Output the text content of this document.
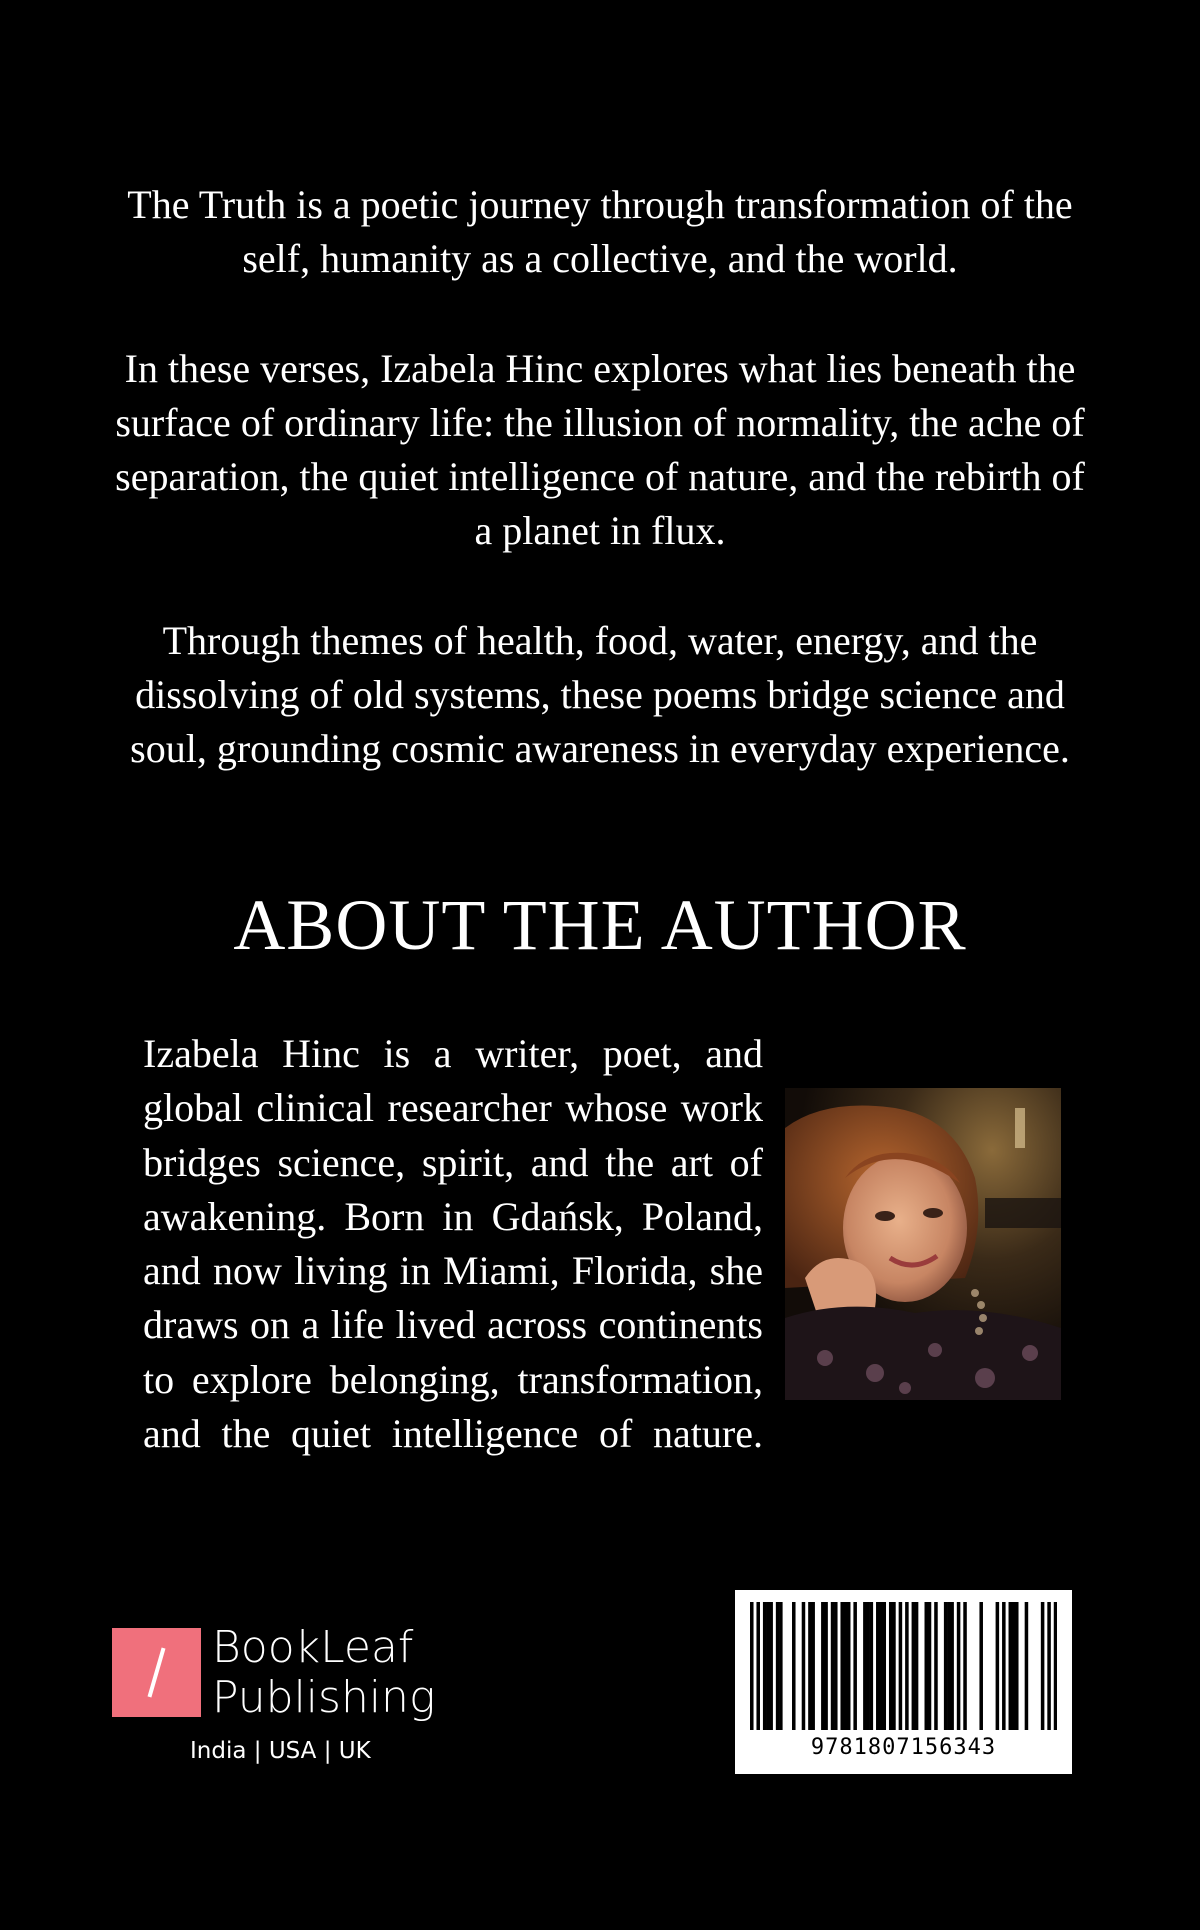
The Truth is a poetic journey through transformation of the self, humanity as a collective, and the world.

In these verses, Izabela Hinc explores what lies beneath the surface of ordinary life: the illusion of normality, the ache of separation, the quiet intelligence of nature, and the rebirth of a planet in flux.

Through themes of health, food, water, energy, and the dissolving of old systems, these poems bridge science and soul, grounding cosmic awareness in everyday experience.

ABOUT THE AUTHOR

Izabela Hinc is a writer, poet, and global clinical researcher whose work bridges science, spirit, and the art of awakening. Born in Gdańsk, Poland, and now living in Miami, Florida, she draws on a life lived across continents to explore belonging, transformation, and the quiet intelligence of nature.

BookLeaf
Publishing
India | USA | UK	9781807156343
